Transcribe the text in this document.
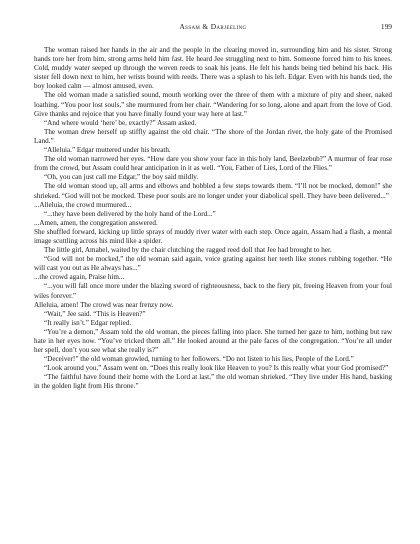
Assam & Darjeeling	199

The woman raised her hands in the air and the people in the clearing moved in, surrounding him and his sister. Strong hands tore her from him, strong arms held him fast. He heard Jee struggling next to him. Someone forced him to his knees. Cold, muddy water seeped up through the woven reeds to soak his jeans. He felt his hands being tied behind his back. His sister fell down next to him, her wrists bound with reeds. There was a splash to his left. Edgar. Even with his hands tied, the boy looked calm — almost amused, even.

The old woman made a satisfied sound, mouth working over the three of them with a mixture of pity and sheer, naked loathing. “You poor lost souls,” she murmured from her chair. “Wandering for so long, alone and apart from the love of God. Give thanks and rejoice that you have finally found your way here at last.”

“And where would ‘here’ be, exactly?” Assam asked.

The woman drew herself up stiffly against the old chair. “The shore of the Jordan river, the holy gate of the Promised Land.”

“Alleluia.” Edgar muttered under his breath.

The old woman narrowed her eyes. “How dare you show your face in this holy land, Beelzebub?” A murmur of fear rose from the crowd, but Assam could hear anticipation in it as well. “You, Father of Lies, Lord of the Flies.”

“Oh, you can just call me Edgar,” the boy said mildly.

The old woman stood up, all arms and elbows and hobbled a few steps towards them. “I’ll not be mocked, demon!” she shrieked. “God will not be mocked. These poor souls are no longer under your diabolical spell. They have been delivered...”

...Alleluia, the crowd murmured...

“...they have been delivered by the holy hand of the Lord...”

...Amen, amen, the congregation answered.

She shuffled forward, kicking up little sprays of muddy river water with each step. Once again, Assam had a flash, a mental image scuttling across his mind like a spider.

The little girl, Amabel, waited by the chair clutching the ragged reed doll that Jee had brought to her.

“God will not be mocked,” the old woman said again, voice grating against her teeth like stones rubbing together. “He will cast you out as He always has...”

...the crowd again, Praise him...

“...you will fall once more under the blazing sword of righteousness, back to the fiery pit, freeing Heaven from your foul wiles forever.”

Alleluia, amen! The crowd was near frenzy now.

“Wait,” Jee said. “This is Heaven?”

“It really isn’t.” Edgar replied.

“You’re a demon,” Assam told the old woman, the pieces falling into place. She turned her gaze to him, nothing but raw hate in her eyes now. “You’ve tricked them all.” He looked around at the pale faces of the congregation. “You’re all under her spell, don’t you see what she really is?”

“Deceiver!” the old woman growled, turning to her followers. “Do not listen to his lies, People of the Lord.”

“Look around you,” Assam went on. “Does this really look like Heaven to you? Is this really what your God promised?”

“The faithful have found their home with the Lord at last,” the old woman shrieked. “They live under His hand, basking in the golden light from His throne.”
